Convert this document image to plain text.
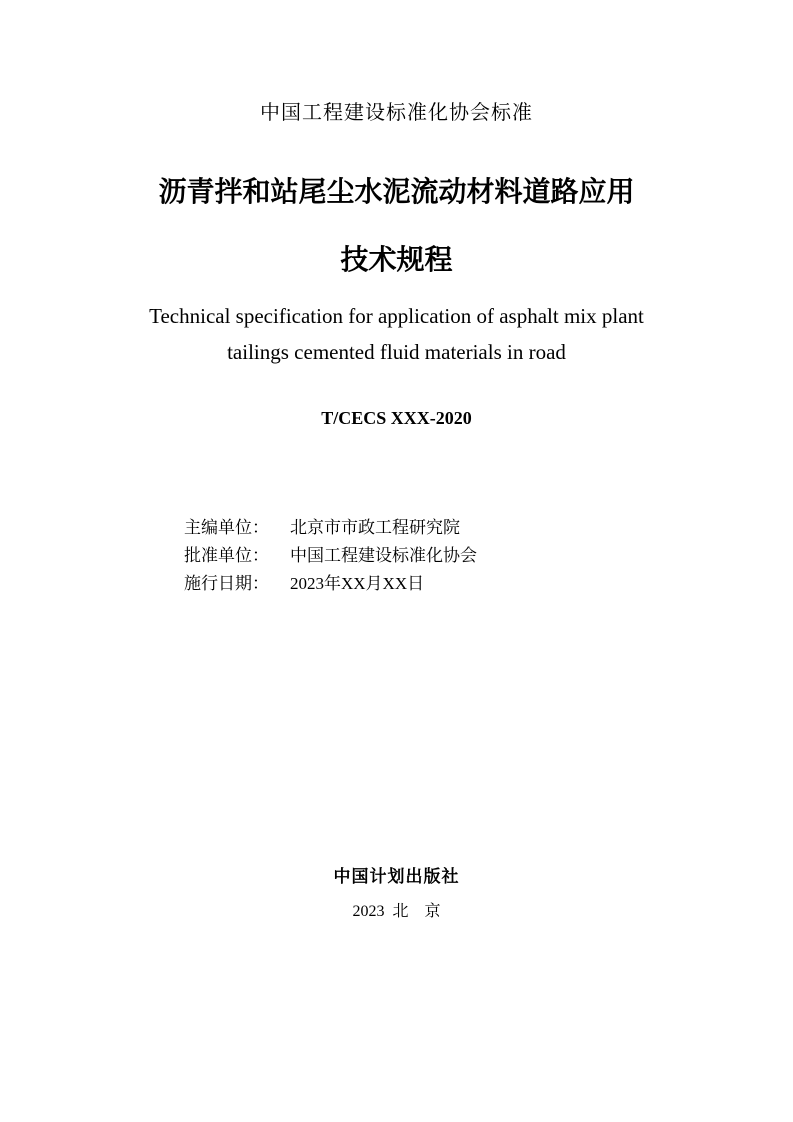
中国工程建设标准化协会标准
沥青拌和站尾尘水泥流动材料道路应用
技术规程
Technical specification for application of asphalt mix plant
tailings cemented fluid materials in road
T/CECS XXX-2020
主编单位：	北京市市政工程研究院
批准单位：	中国工程建设标准化协会
施行日期：	2023年XX月XX日
中国计划出版社
2023  北    京
